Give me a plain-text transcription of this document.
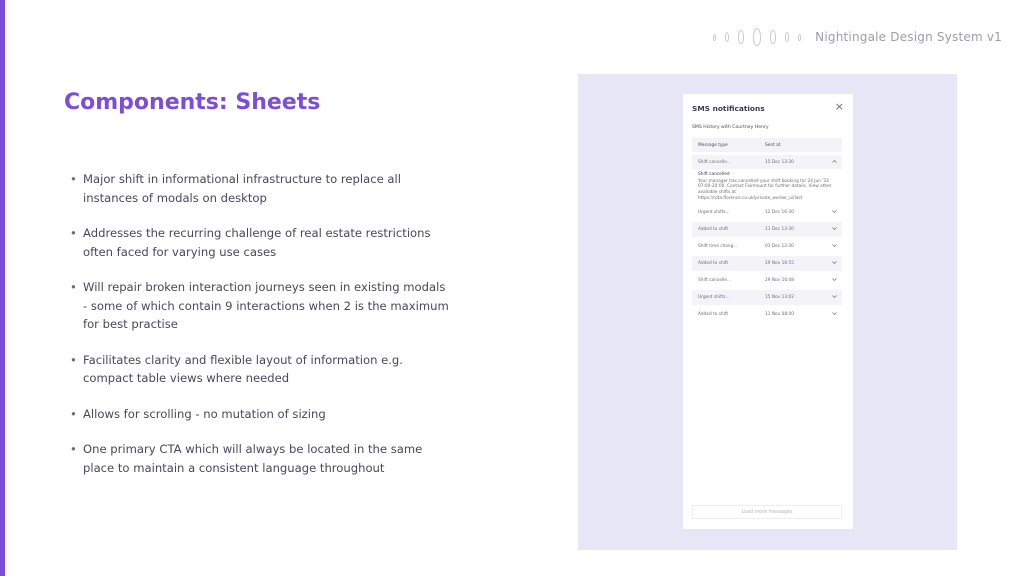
Nightingale Design System v1
Components: Sheets
• Major shift in informational infrastructure to replace all instances of modals on desktop
• Addresses the recurring challenge of real estate restrictions often faced for varying use cases
• Will repair broken interaction journeys seen in existing modals - some of which contain 9 interactions when 2 is the maximum for best practise
• Facilitates clarity and flexible layout of information e.g. compact table views where needed
• Allows for scrolling - no mutation of sizing
• One primary CTA which will always be located in the same place to maintain a consistent language throughout
SMS notifications	×
SMS History with Courtney Henry
Message type	Sent at
Shift cancelle...	15 Dec 13:30
Shift cancelled
Your manager has cancelled your shift booking for 24 Jun '22 07:00-20:00. Contact Fairmount for further details. View other available shifts at https://rota.florence.co.uk/private_worker_ui/last
Urgent shifts...	12 Dec 16:30
Added to shift	11 Dec 13:30
Shift time chang...	01 Dec 12:30
Added to shift	29 Nov 16:55
Shift cancelle...	29 Nov 16:48
Urgent shifts...	15 Nov 13:02
Added to shift	11 Nov 08:00
Load more messages
